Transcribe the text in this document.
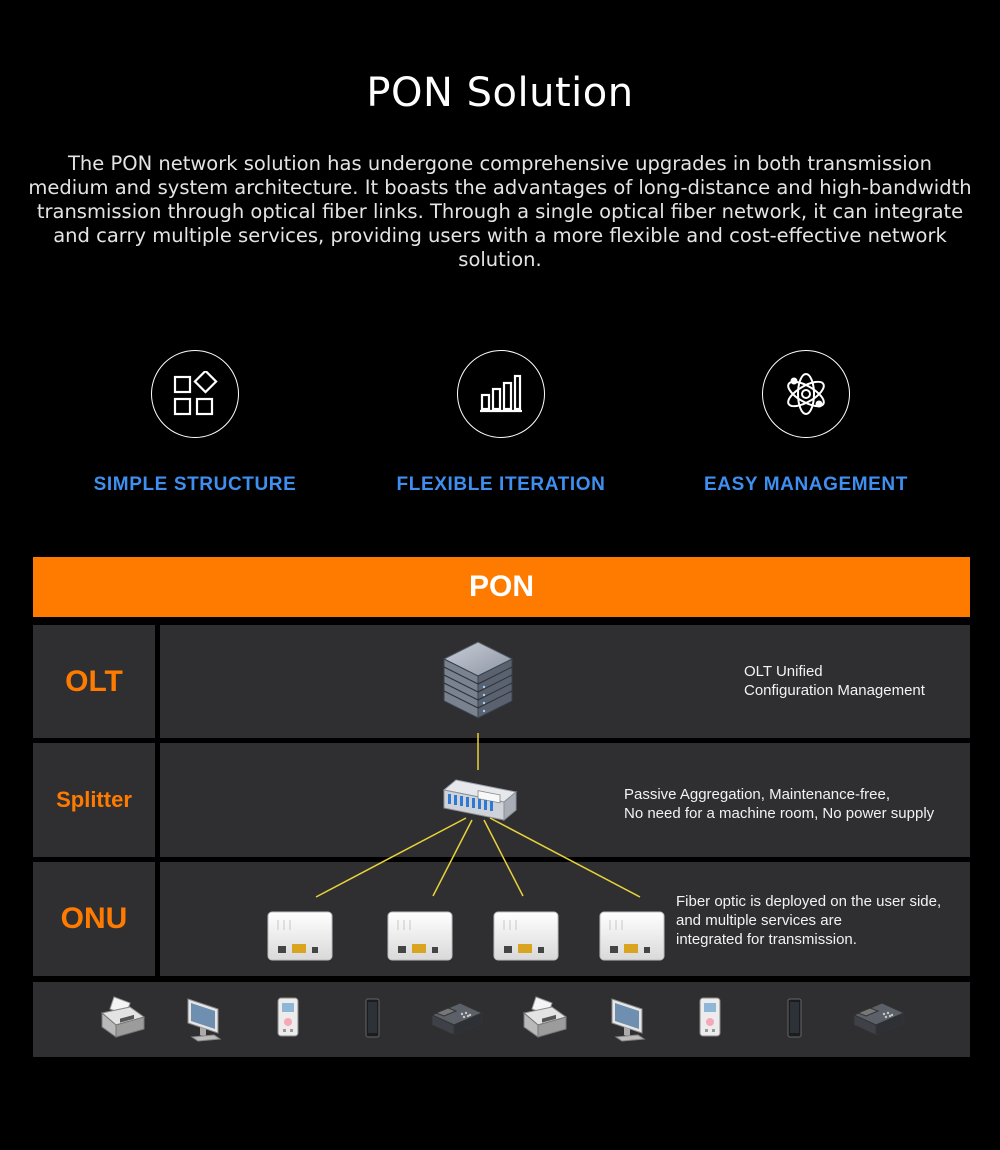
PON Solution

The PON network solution has undergone comprehensive upgrades in both transmission medium and system architecture. It boasts the advantages of long-distance and high-bandwidth transmission through optical fiber links. Through a single optical fiber network, it can integrate and carry multiple services, providing users with a more flexible and cost-effective network solution.

SIMPLE STRUCTURE	FLEXIBLE ITERATION	EASY MANAGEMENT
PON
OLT	OLT Unified
Configuration Management

Splitter	Passive Aggregation, Maintenance-free,
No need for a machine room, No power supply

ONU

Fiber optic is deployed on the user side,
and multiple services are
integrated for transmission.
